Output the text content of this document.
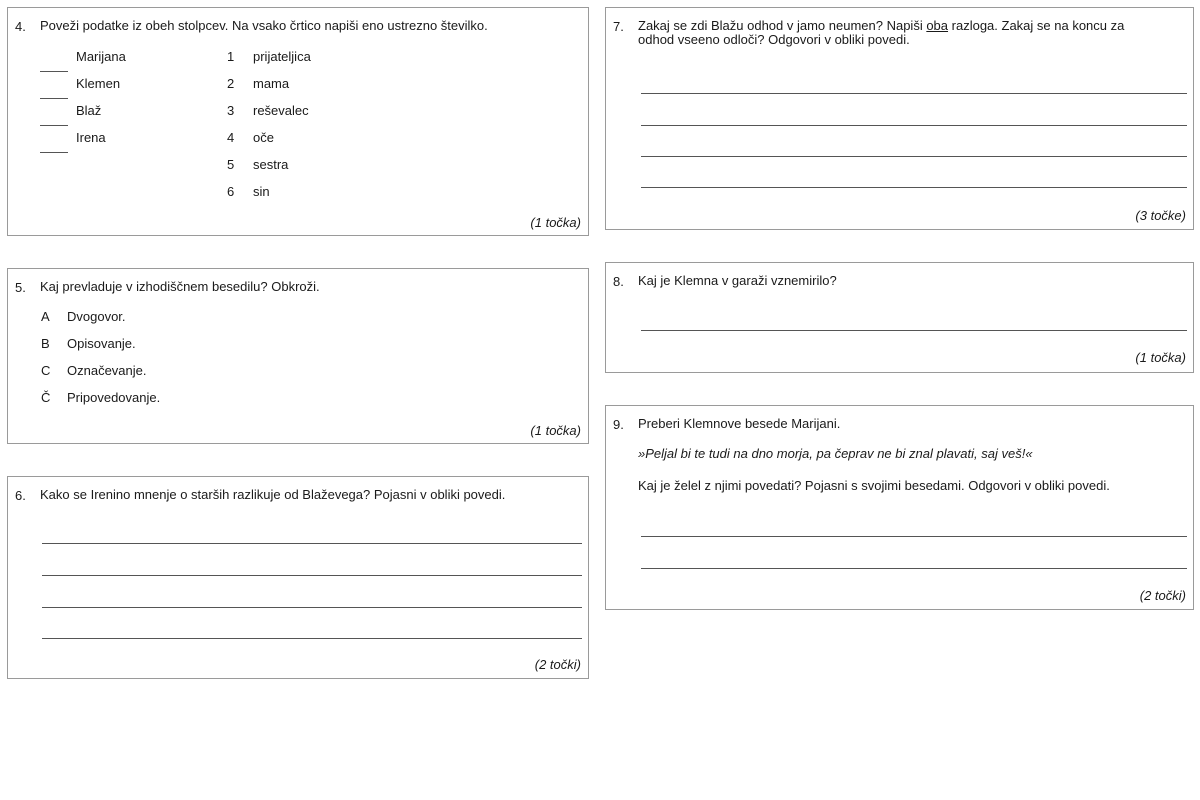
4. Poveži podatke iz obeh stolpcev. Na vsako črtico napiši eno ustrezno številko.
Marijana
Klemen
Blaž
Irena
1 prijateljica
2 mama
3 reševalec
4 oče
5 sestra
6 sin
(1 točka)
5. Kaj prevladuje v izhodiščnem besedilu? Obkroži.
A Dvogovor.
B Opisovanje.
C Označevanje.
Č Pripovedovanje.
(1 točka)
6. Kako se Irenino mnenje o starših razlikuje od Blaževega? Pojasni v obliki povedi.
(2 točki)
7. Zakaj se zdi Blažu odhod v jamo neumen? Napiši oba razloga. Zakaj se na koncu za
odhod vseeno odloči? Odgovori v obliki povedi.
(3 točke)
8. Kaj je Klemna v garaži vznemirilo?
(1 točka)
9. Preberi Klemnove besede Marijani.
»Peljal bi te tudi na dno morja, pa čeprav ne bi znal plavati, saj veš!«
Kaj je želel z njimi povedati? Pojasni s svojimi besedami. Odgovori v obliki povedi.
(2 točki)
